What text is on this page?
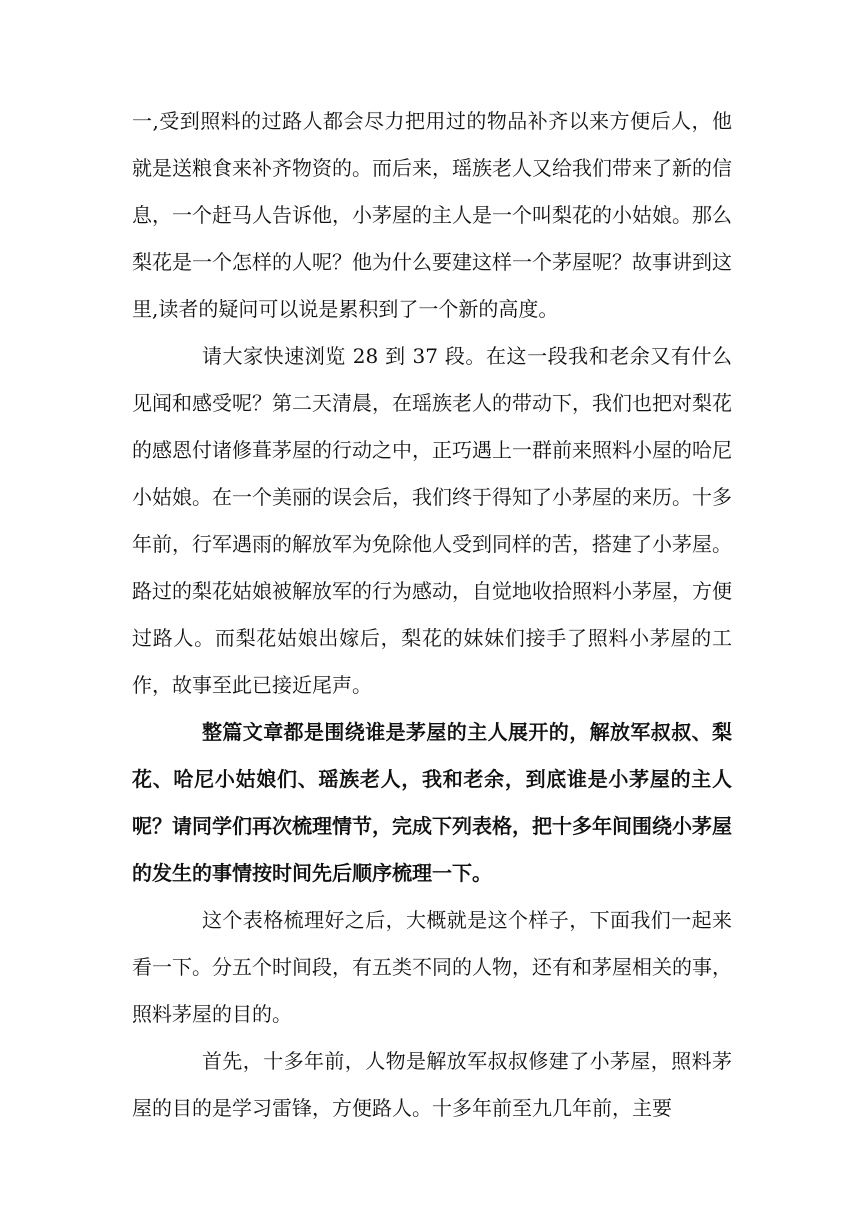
一,受到照料的过路人都会尽力把用过的物品补齐以来方便后人，他就是送粮食来补齐物资的。而后来，瑶族老人又给我们带来了新的信息，一个赶马人告诉他，小茅屋的主人是一个叫梨花的小姑娘。那么梨花是一个怎样的人呢？他为什么要建这样一个茅屋呢？故事讲到这里,读者的疑问可以说是累积到了一个新的高度。

请大家快速浏览 28 到 37 段。在这一段我和老余又有什么见闻和感受呢？第二天清晨，在瑶族老人的带动下，我们也把对梨花的感恩付诸修葺茅屋的行动之中，正巧遇上一群前来照料小屋的哈尼小姑娘。在一个美丽的误会后，我们终于得知了小茅屋的来历。十多年前，行军遇雨的解放军为免除他人受到同样的苦，搭建了小茅屋。路过的梨花姑娘被解放军的行为感动，自觉地收拾照料小茅屋，方便过路人。而梨花姑娘出嫁后，梨花的妹妹们接手了照料小茅屋的工作，故事至此已接近尾声。

整篇文章都是围绕谁是茅屋的主人展开的，解放军叔叔、梨花、哈尼小姑娘们、瑶族老人，我和老余，到底谁是小茅屋的主人呢？请同学们再次梳理情节，完成下列表格，把十多年间围绕小茅屋的发生的事情按时间先后顺序梳理一下。

这个表格梳理好之后，大概就是这个样子，下面我们一起来看一下。分五个时间段，有五类不同的人物，还有和茅屋相关的事，照料茅屋的目的。

首先，十多年前，人物是解放军叔叔修建了小茅屋，照料茅屋的目的是学习雷锋，方便路人。十多年前至九几年前，主要
